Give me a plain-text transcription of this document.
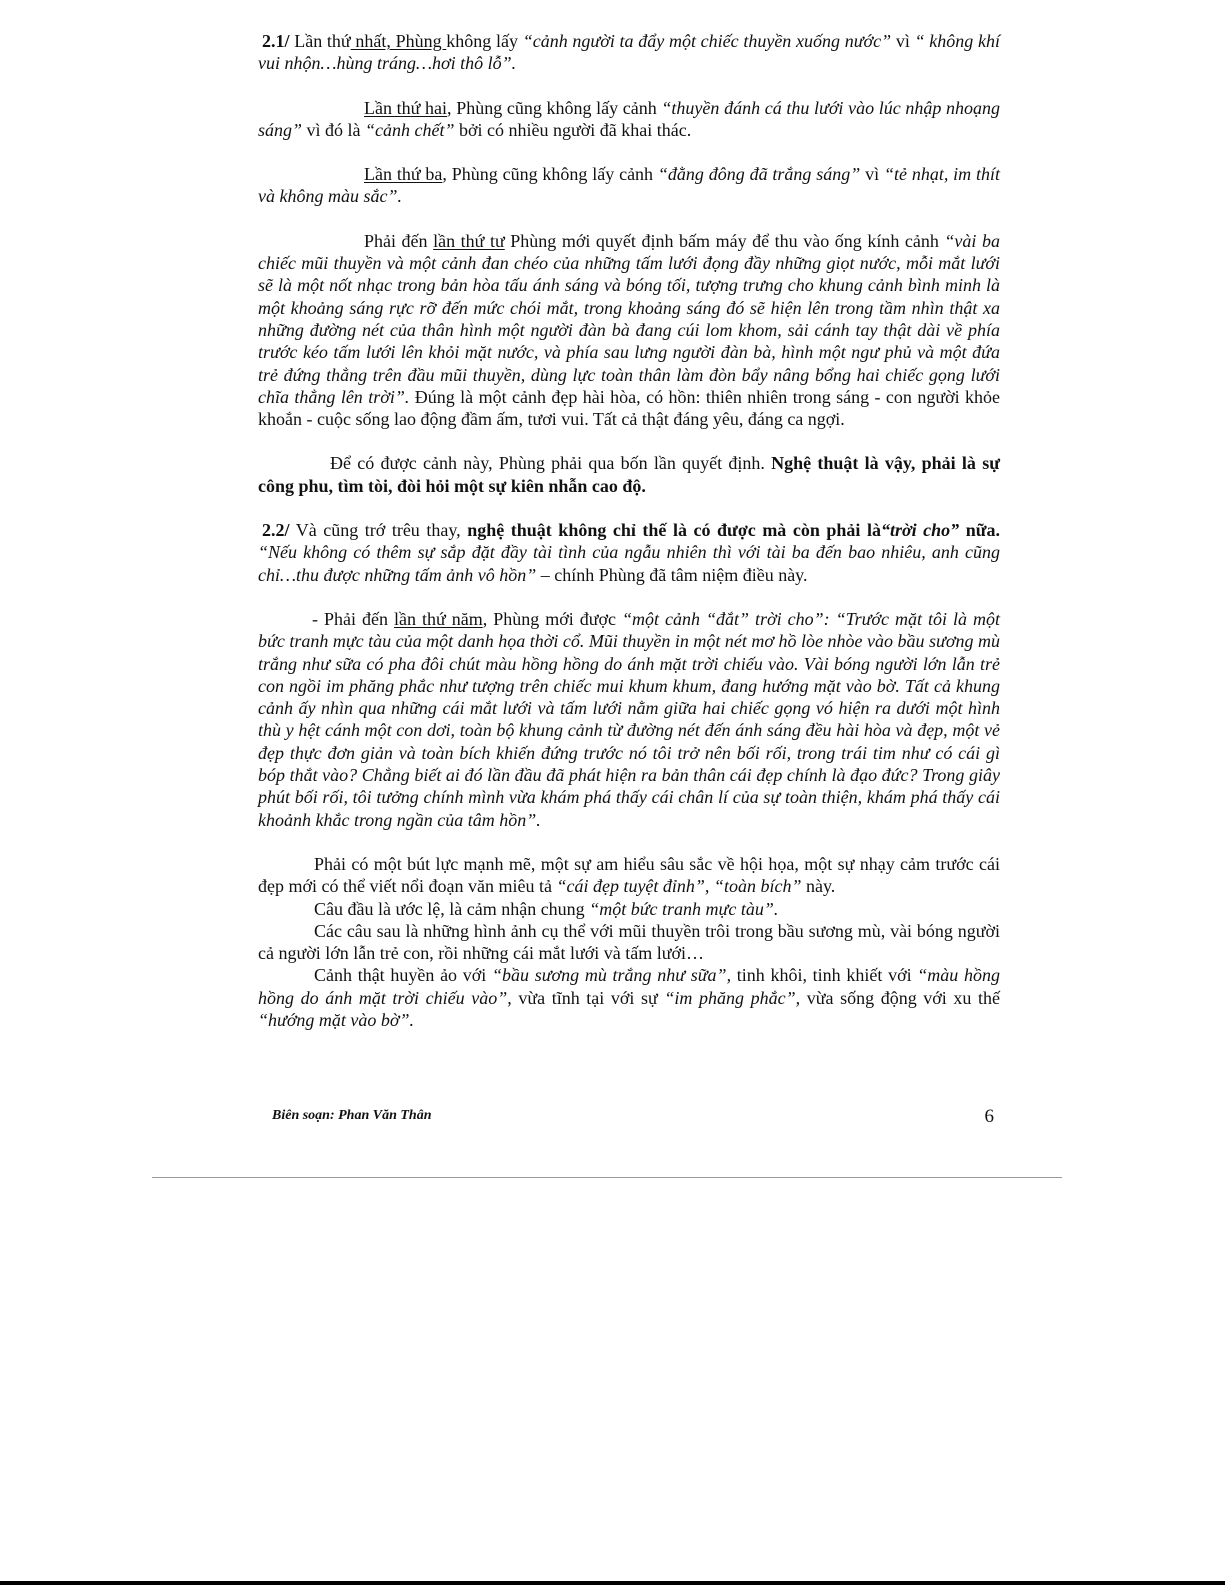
2.1/ Lần thứ nhất, Phùng không lấy “cảnh người ta đẩy một chiếc thuyền xuống nước” vì “ không khí vui nhộn…hùng tráng…hơi thô lỗ”.

Lần thứ hai, Phùng cũng không lấy cảnh “thuyền đánh cá thu lưới vào lúc nhập nhoạng sáng” vì đó là “cảnh chết” bởi có nhiều người đã khai thác.

Lần thứ ba, Phùng cũng không lấy cảnh “đằng đông đã trắng sáng” vì “tẻ nhạt, im thít và không màu sắc”.

Phải đến lần thứ tư Phùng mới quyết định bấm máy để thu vào ống kính cảnh “vài ba chiếc mũi thuyền và một cảnh đan chéo của những tấm lưới đọng đầy những giọt nước, mỗi mắt lưới sẽ là một nốt nhạc trong bản hòa tấu ánh sáng và bóng tối, tượng trưng cho khung cảnh bình minh là một khoảng sáng rực rỡ đến mức chói mắt, trong khoảng sáng đó sẽ hiện lên trong tầm nhìn thật xa những đường nét của thân hình một người đàn bà đang cúi lom khom, sải cánh tay thật dài về phía trước kéo tấm lưới lên khỏi mặt nước, và phía sau lưng người đàn bà, hình một ngư phủ và một đứa trẻ đứng thẳng trên đầu mũi thuyền, dùng lực toàn thân làm đòn bẩy nâng bổng hai chiếc gọng lưới chĩa thẳng lên trời”. Đúng là một cảnh đẹp hài hòa, có hồn: thiên nhiên trong sáng - con người khỏe khoắn - cuộc sống lao động đầm ấm, tươi vui. Tất cả thật đáng yêu, đáng ca ngợi.

Để có được cảnh này, Phùng phải qua bốn lần quyết định. Nghệ thuật là vậy, phải là sự công phu, tìm tòi, đòi hỏi một sự kiên nhẫn cao độ.

2.2/ Và cũng trớ trêu thay, nghệ thuật không chỉ thế là có được mà còn phải là“trời cho” nữa. “Nếu không có thêm sự sắp đặt đầy tài tình của ngẫu nhiên thì với tài ba đến bao nhiêu, anh cũng chỉ…thu được những tấm ảnh vô hồn” – chính Phùng đã tâm niệm điều này.

- Phải đến lần thứ năm, Phùng mới được “một cảnh “đắt” trời cho”: “Trước mặt tôi là một bức tranh mực tàu của một danh họa thời cổ. Mũi thuyền in một nét mơ hồ lòe nhòe vào bầu sương mù trắng như sữa có pha đôi chút màu hồng hồng do ánh mặt trời chiếu vào. Vài bóng người lớn lẫn trẻ con ngồi im phăng phắc như tượng trên chiếc mui khum khum, đang hướng mặt vào bờ. Tất cả khung cảnh ấy nhìn qua những cái mắt lưới và tấm lưới nằm giữa hai chiếc gọng vó hiện ra dưới một hình thù y hệt cánh một con dơi, toàn bộ khung cảnh từ đường nét đến ánh sáng đều hài hòa và đẹp, một vẻ đẹp thực đơn giản và toàn bích khiến đứng trước nó tôi trở nên bối rối, trong trái tim như có cái gì bóp thắt vào? Chẳng biết ai đó lần đầu đã phát hiện ra bản thân cái đẹp chính là đạo đức? Trong giây phút bối rối, tôi tưởng chính mình vừa khám phá thấy cái chân lí của sự toàn thiện, khám phá thấy cái khoảnh khắc trong ngần của tâm hồn”.

Phải có một bút lực mạnh mẽ, một sự am hiểu sâu sắc về hội họa, một sự nhạy cảm trước cái đẹp mới có thể viết nổi đoạn văn miêu tả “cái đẹp tuyệt đỉnh”, “toàn bích” này.

Câu đầu là ước lệ, là cảm nhận chung “một bức tranh mực tàu”.

Các câu sau là những hình ảnh cụ thể với mũi thuyền trôi trong bầu sương mù, vài bóng người cả người lớn lẫn trẻ con, rồi những cái mắt lưới và tấm lưới…

Cảnh thật huyền ảo với “bầu sương mù trắng như sữa”, tinh khôi, tinh khiết với “màu hồng hồng do ánh mặt trời chiếu vào”, vừa tĩnh tại với sự “im phăng phắc”, vừa sống động với xu thế “hướng mặt vào bờ”.

Biên soạn: Phan Văn Thân	6
